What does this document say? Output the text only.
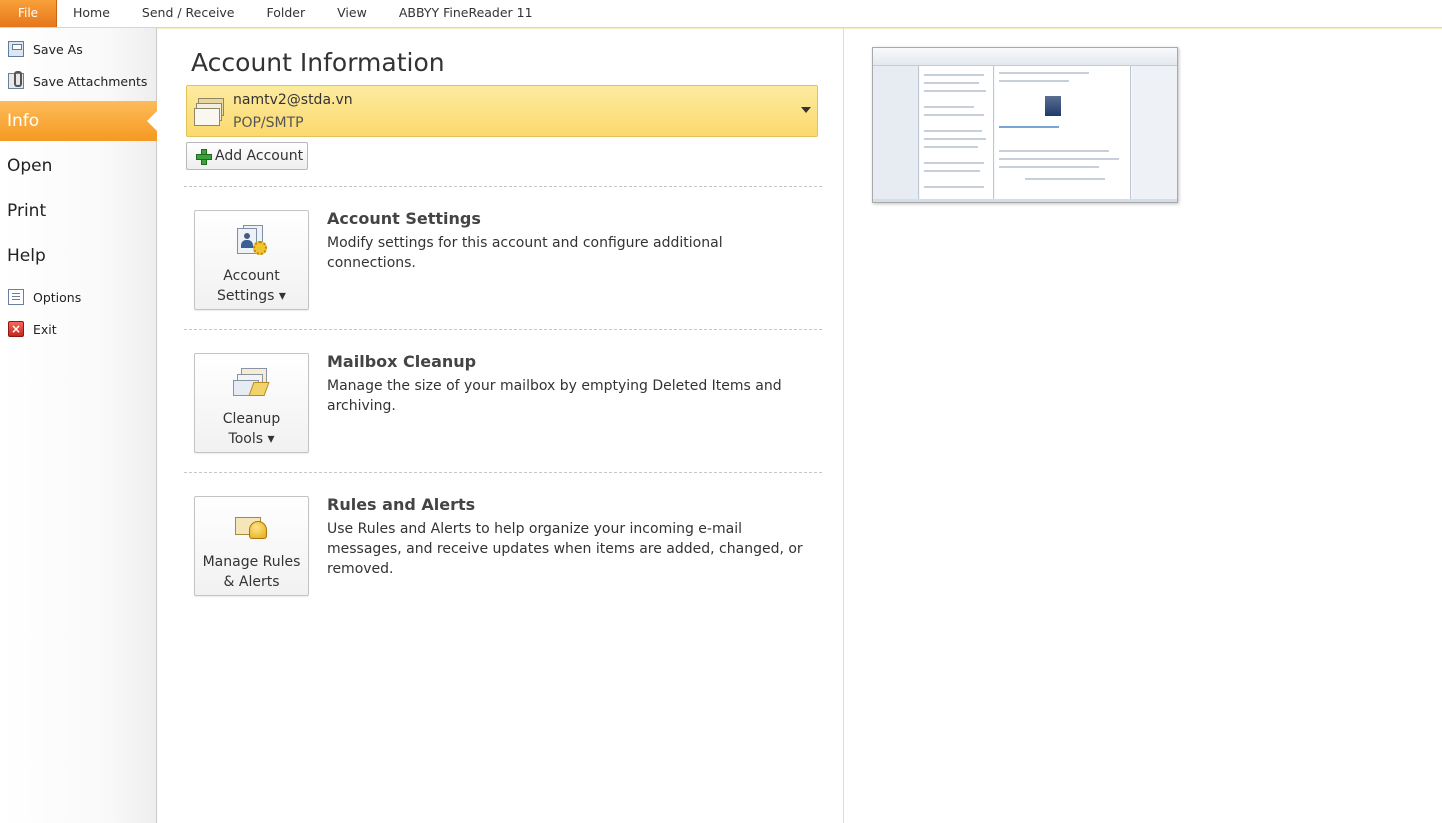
File	Home	Send / Receive	Folder	View	ABBYY FineReader 11
Save As
Save Attachments
Info
Open
Print
Help
Options
× Exit
Account Information
namtv2@stda.vn
POP/SMTP
Add Account
Account
Settings ▾
Account Settings
Modify settings for this account and configure additional connections.
Cleanup
Tools ▾
Mailbox Cleanup
Manage the size of your mailbox by emptying Deleted Items and archiving.
Manage Rules
& Alerts
Rules and Alerts
Use Rules and Alerts to help organize your incoming e-mail messages, and receive updates when items are added, changed, or removed.
